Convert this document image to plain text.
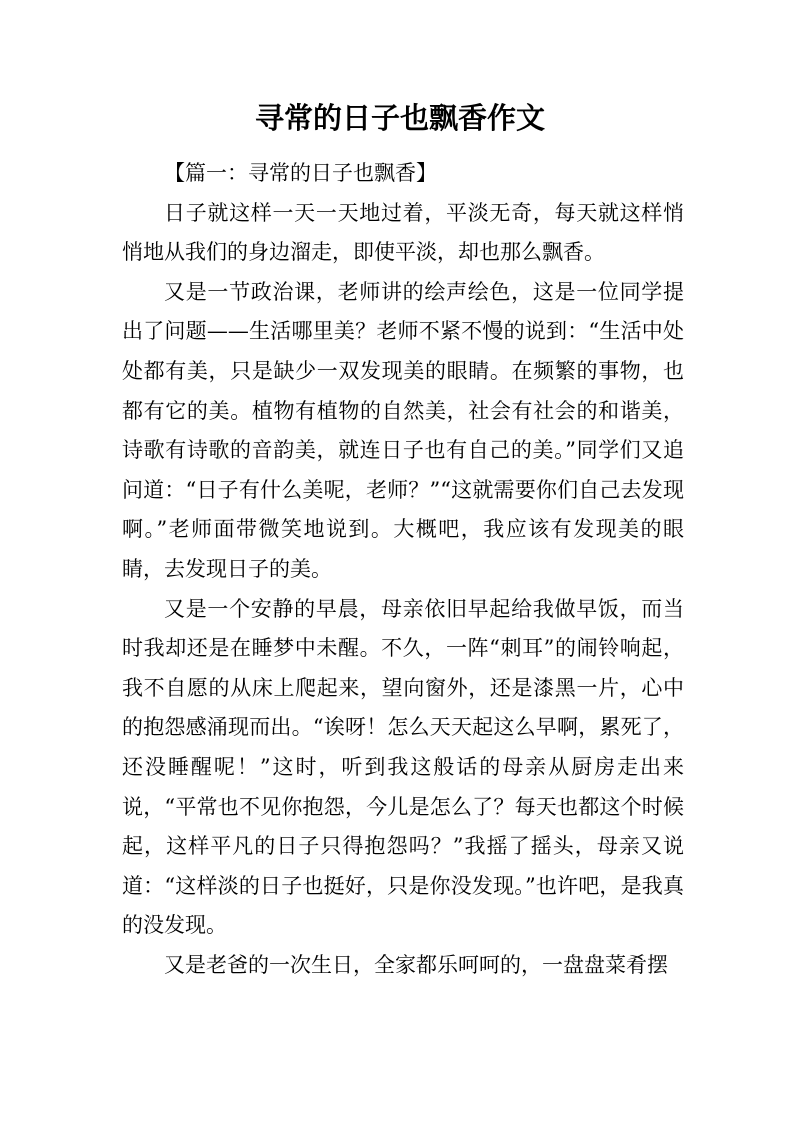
寻常的日子也飘香作文

【篇一：寻常的日子也飘香】

日子就这样一天一天地过着，平淡无奇，每天就这样悄悄地从我们的身边溜走，即使平淡，却也那么飘香。

又是一节政治课，老师讲的绘声绘色，这是一位同学提出了问题——生活哪里美？老师不紧不慢的说到：“生活中处处都有美，只是缺少一双发现美的眼睛。在频繁的事物，也都有它的美。植物有植物的自然美，社会有社会的和谐美，诗歌有诗歌的音韵美，就连日子也有自己的美。”同学们又追问道：“日子有什么美呢，老师？”“这就需要你们自己去发现啊。”老师面带微笑地说到。大概吧，我应该有发现美的眼睛，去发现日子的美。

又是一个安静的早晨，母亲依旧早起给我做早饭，而当时我却还是在睡梦中未醒。不久，一阵“刺耳”的闹铃响起，我不自愿的从床上爬起来，望向窗外，还是漆黑一片，心中的抱怨感涌现而出。“诶呀！怎么天天起这么早啊，累死了，还没睡醒呢！”这时，听到我这般话的母亲从厨房走出来说，“平常也不见你抱怨，今儿是怎么了？每天也都这个时候起，这样平凡的日子只得抱怨吗？”我摇了摇头，母亲又说道：“这样淡的日子也挺好，只是你没发现。”也许吧，是我真的没发现。

又是老爸的一次生日，全家都乐呵呵的，一盘盘菜肴摆
